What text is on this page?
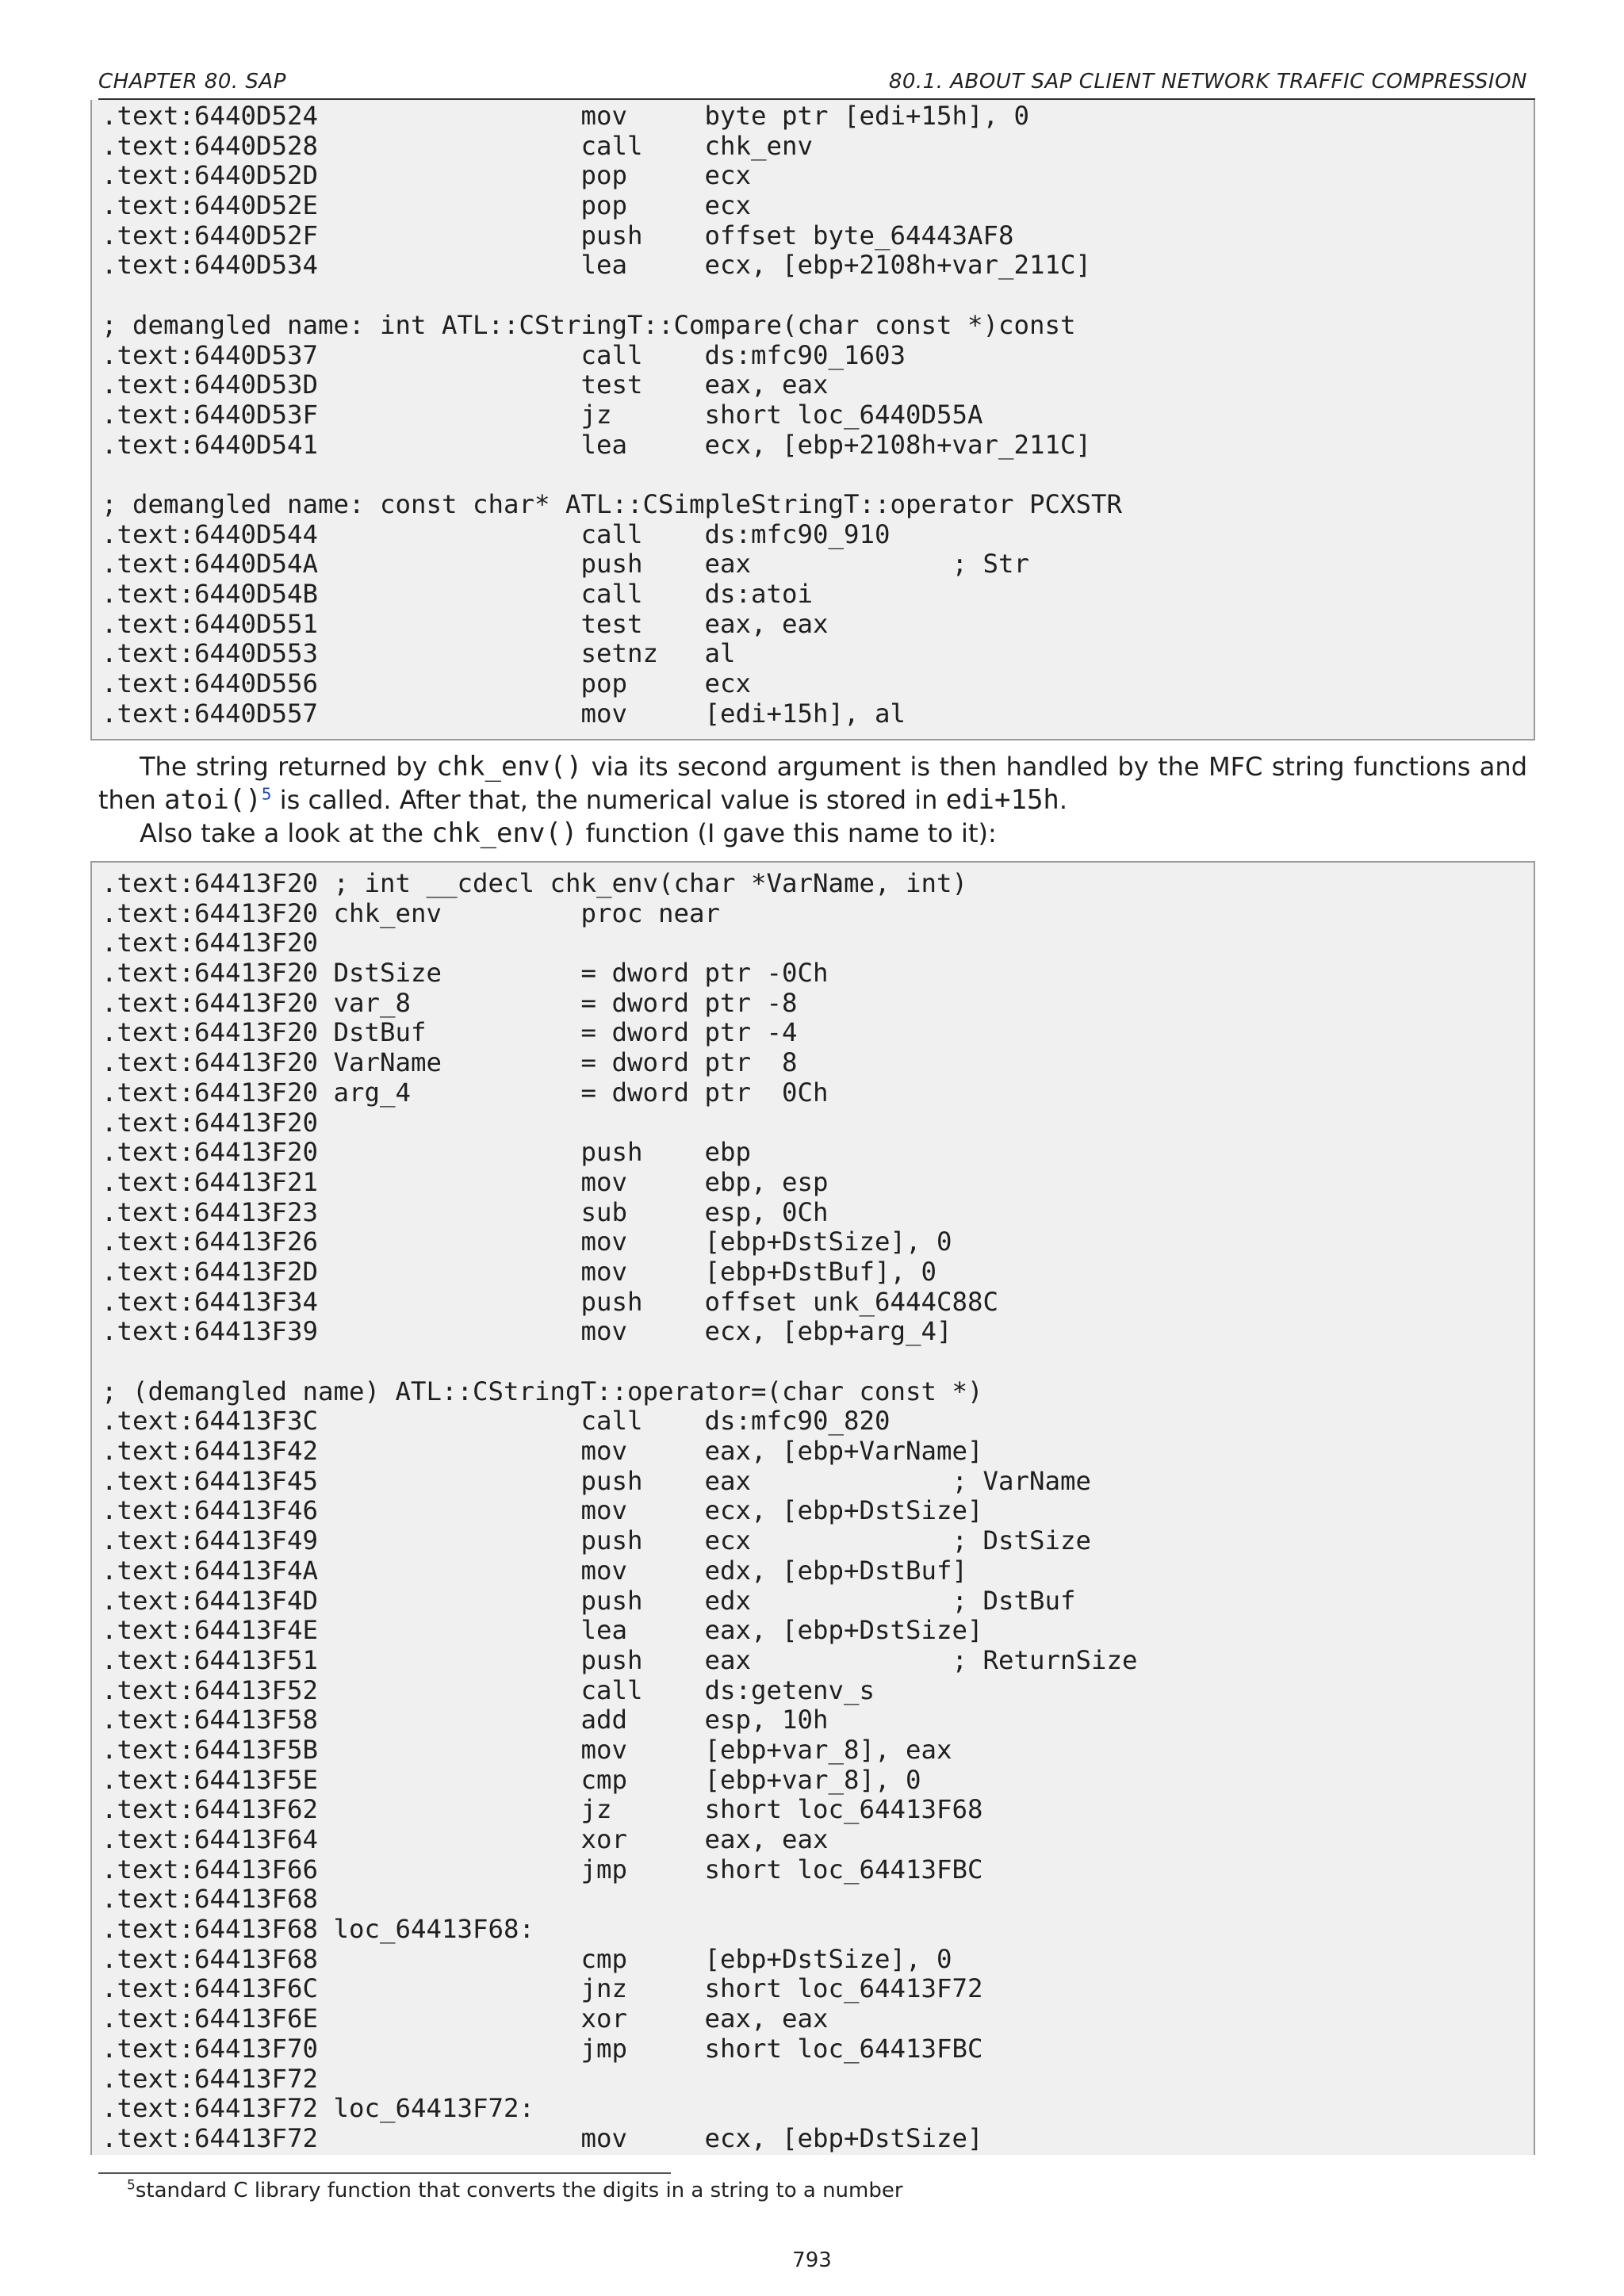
CHAPTER 80. SAP	80.1. ABOUT SAP CLIENT NETWORK TRAFFIC COMPRESSION
.text:6440D524                 mov     byte ptr [edi+15h], 0
.text:6440D528                 call    chk_env
.text:6440D52D                 pop     ecx
.text:6440D52E                 pop     ecx
.text:6440D52F                 push    offset byte_64443AF8
.text:6440D534                 lea     ecx, [ebp+2108h+var_211C]
; demangled name: int ATL::CStringT::Compare(char const *)const
.text:6440D537                 call    ds:mfc90_1603
.text:6440D53D                 test    eax, eax
.text:6440D53F                 jz      short loc_6440D55A
.text:6440D541                 lea     ecx, [ebp+2108h+var_211C]
; demangled name: const char* ATL::CSimpleStringT::operator PCXSTR
.text:6440D544                 call    ds:mfc90_910
.text:6440D54A                 push    eax             ; Str
.text:6440D54B                 call    ds:atoi
.text:6440D551                 test    eax, eax
.text:6440D553                 setnz   al
.text:6440D556                 pop     ecx
.text:6440D557                 mov     [edi+15h], al

The string returned by chk_env() via its second argument is then handled by the MFC string functions and then atoi()$^5$ is called. After that, the numerical value is stored in edi+15h.

Also take a look at the chk_env() function (I gave this name to it):

.text:64413F20 ; int __cdecl chk_env(char *VarName, int)
.text:64413F20 chk_env         proc near
.text:64413F20
.text:64413F20 DstSize         = dword ptr -0Ch
.text:64413F20 var_8           = dword ptr -8
.text:64413F20 DstBuf          = dword ptr -4
.text:64413F20 VarName         = dword ptr  8
.text:64413F20 arg_4           = dword ptr  0Ch
.text:64413F20
.text:64413F20                 push    ebp
.text:64413F21                 mov     ebp, esp
.text:64413F23                 sub     esp, 0Ch
.text:64413F26                 mov     [ebp+DstSize], 0
.text:64413F2D                 mov     [ebp+DstBuf], 0
.text:64413F34                 push    offset unk_6444C88C
.text:64413F39                 mov     ecx, [ebp+arg_4]
; (demangled name) ATL::CStringT::operator=(char const *)
.text:64413F3C                 call    ds:mfc90_820
.text:64413F42                 mov     eax, [ebp+VarName]
.text:64413F45                 push    eax             ; VarName
.text:64413F46                 mov     ecx, [ebp+DstSize]
.text:64413F49                 push    ecx             ; DstSize
.text:64413F4A                 mov     edx, [ebp+DstBuf]
.text:64413F4D                 push    edx             ; DstBuf
.text:64413F4E                 lea     eax, [ebp+DstSize]
.text:64413F51                 push    eax             ; ReturnSize
.text:64413F52                 call    ds:getenv_s
.text:64413F58                 add     esp, 10h
.text:64413F5B                 mov     [ebp+var_8], eax
.text:64413F5E                 cmp     [ebp+var_8], 0
.text:64413F62                 jz      short loc_64413F68
.text:64413F64                 xor     eax, eax
.text:64413F66                 jmp     short loc_64413FBC
.text:64413F68
.text:64413F68 loc_64413F68:
.text:64413F68                 cmp     [ebp+DstSize], 0
.text:64413F6C                 jnz     short loc_64413F72
.text:64413F6E                 xor     eax, eax
.text:64413F70                 jmp     short loc_64413FBC
.text:64413F72
.text:64413F72 loc_64413F72:
.text:64413F72                 mov     ecx, [ebp+DstSize]
$^5$standard C library function that converts the digits in a string to a number
793
